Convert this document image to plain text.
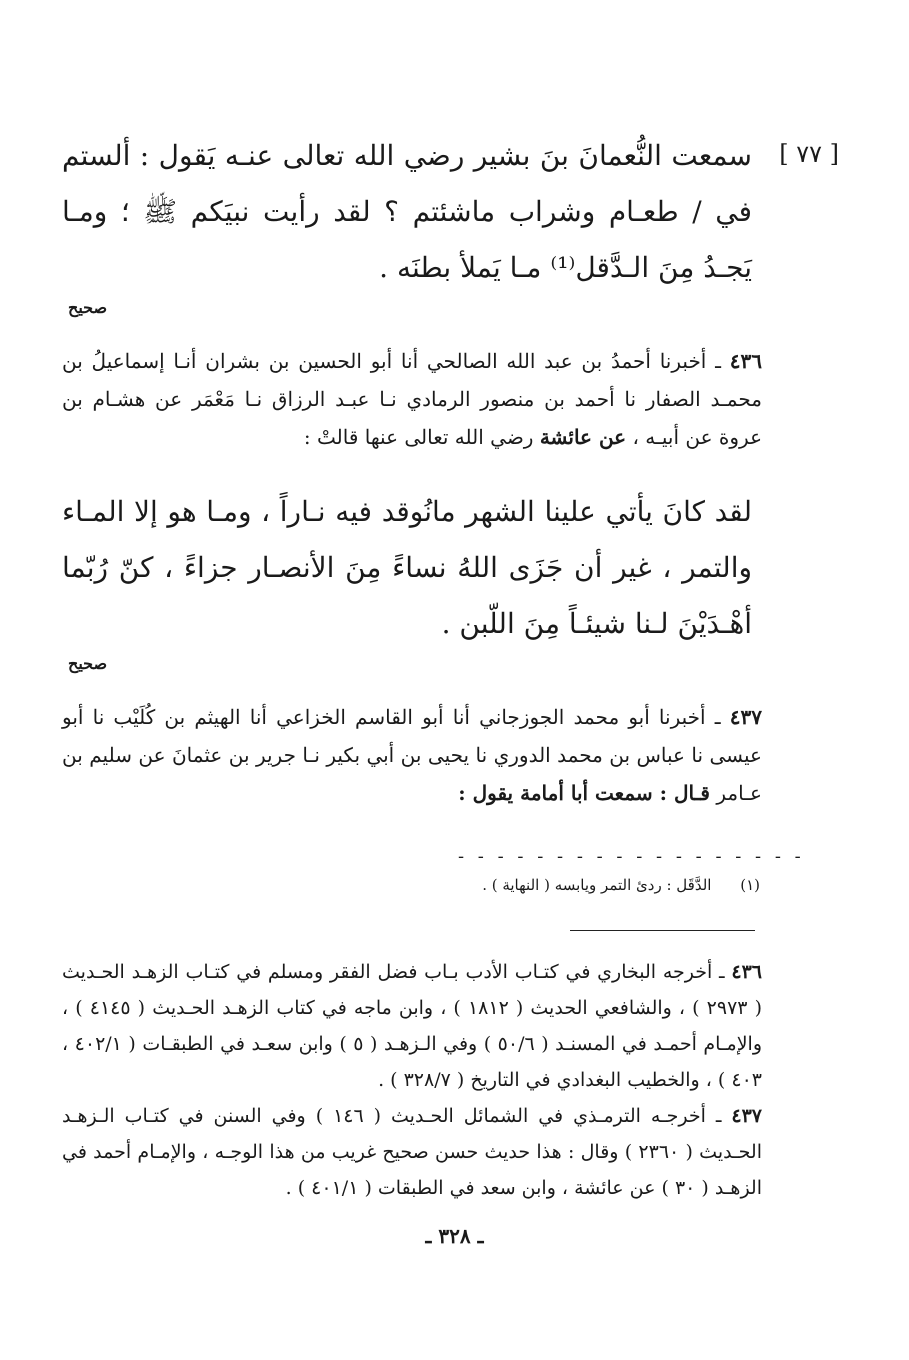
[ ٧٧ ]
سمعت النُّعمانَ بنَ بشير رضي الله تعالى عنـه يَقول : ألستم في / طعـام وشراب ماشئتم ؟ لقد رأيت نبيَكم ﷺ ؛ ومـا يَجـدُ مِنَ الـدَّقل⁽¹⁾ مـا يَملأ بطنَه .
صحيح
٤٣٦ ـ أخبرنا أحمدُ بن عبد الله الصالحي أنا أبو الحسين بن بشران أنـا إسماعيلُ بن محمـد الصفار نا أحمد بن منصور الرمادي نـا عبـد الرزاق نـا مَعْمَر عن هشـام بن عروة عن أبيـه ، عن عائشة رضي الله تعالى عنها قالتْ :
لقد كانَ يأتي علينا الشهر مانُوقد فيه نـاراً ، ومـا هو إلا المـاء والتمر ، غير أن جَزَى اللهُ نساءً مِنَ الأنصـار جزاءً ، كنّ رُبّما أهْـدَيْنَ لـنا شيئـاً مِنَ اللّبن .
صحيح
٤٣٧ ـ أخبرنا أبو محمد الجوزجاني أنا أبو القاسم الخزاعي أنا الهيثم بن كُلَيْب نا أبو عيسى نا عباس بن محمد الدوري نا يحيى بن أبي بكير نـا جرير بن عثمانَ عن سليم بن عـامر قـال : سمعت أبا أمامة يقول :
- - - - - - - - - - - - - - - - - -
(١) الدَّقَل : ردئ التمر ويابسه ( النهاية ) .
٤٣٦ ـ أخرجه البخاري في كتـاب الأدب بـاب فضل الفقر ومسلم في كتـاب الزهـد الحـديث ( ٢٩٧٣ ) ، والشافعي الحديث ( ١٨١٢ ) ، وابن ماجه في كتاب الزهـد الحـديث ( ٤١٤٥ ) ، والإمـام أحمـد في المسنـد ( ٥٠/٦ ) وفي الـزهـد ( ٥ ) وابن سعـد في الطبقـات ( ٤٠٢/١ ، ٤٠٣ ) ، والخطيب البغدادي في التاريخ ( ٣٢٨/٧ ) .
٤٣٧ ـ أخرجـه الترمـذي في الشمائل الحـديث ( ١٤٦ ) وفي السنن في كتـاب الـزهـد الحـديث ( ٢٣٦٠ ) وقال : هذا حديث حسن صحيح غريب من هذا الوجـه ، والإمـام أحمد في الزهـد ( ٣٠ ) عن عائشة ، وابن سعد في الطبقات ( ٤٠١/١ ) .
ـ ٣٢٨ ـ
